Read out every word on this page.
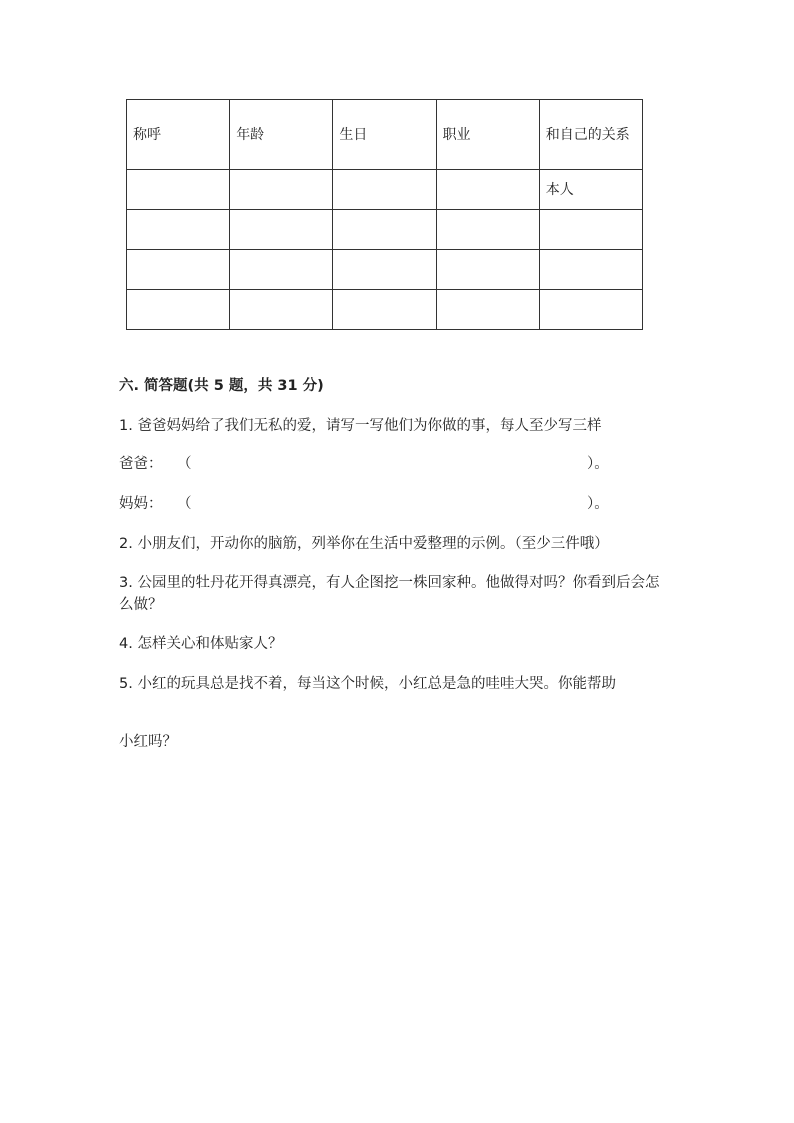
称呼	年龄	生日	职业	和自己的关系
				本人

六. 简答题(共 5 题，共 31 分)
1. 爸爸妈妈给了我们无私的爱，请写一写他们为你做的事，每人至少写三样
爸爸： （	）。
妈妈： （	）。
2. 小朋友们，开动你的脑筋，列举你在生活中爱整理的示例。（至少三件哦）
3. 公园里的牡丹花开得真漂亮，有人企图挖一株回家种。他做得对吗？你看到后会怎么做？
4. 怎样关心和体贴家人？
5. 小红的玩具总是找不着，每当这个时候，小红总是急的哇哇大哭。你能帮助
小红吗？
